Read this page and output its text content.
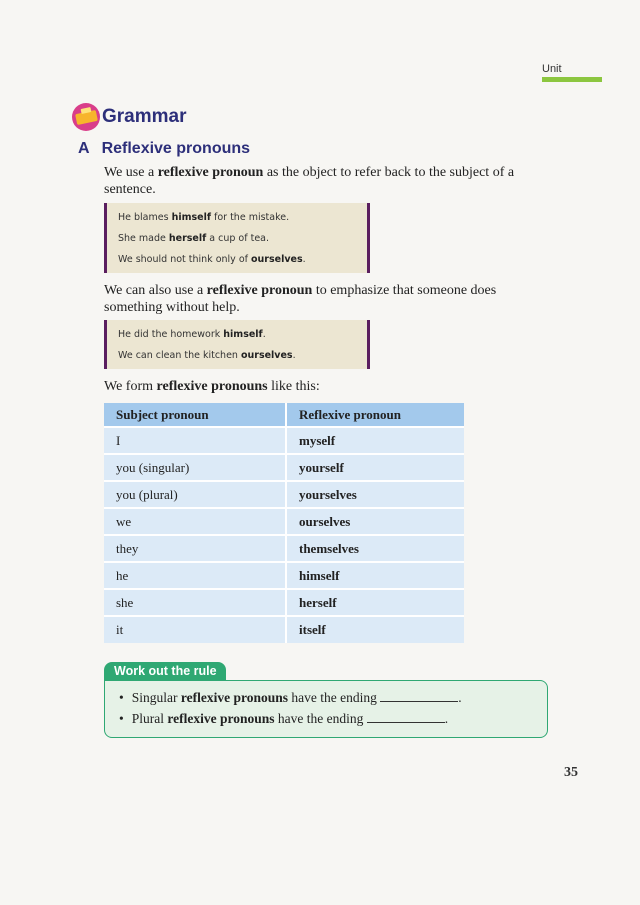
Unit
Grammar
A Reflexive pronouns

We use a reflexive pronoun as the object to refer back to the subject of a sentence.

He blames himself for the mistake.
She made herself a cup of tea.
We should not think only of ourselves.

We can also use a reflexive pronoun to emphasize that someone does something without help.

He did the homework himself.
We can clean the kitchen ourselves.

We form reflexive pronouns like this:

Subject pronoun	Reflexive pronoun
I	myself
you (singular)	yourself
you (plural)	yourselves
we	ourselves
they	themselves
he	himself
she	herself
it	itself
Work out the rule
• Singular reflexive pronouns have the ending	.
• Plural reflexive pronouns have the ending	.
35
